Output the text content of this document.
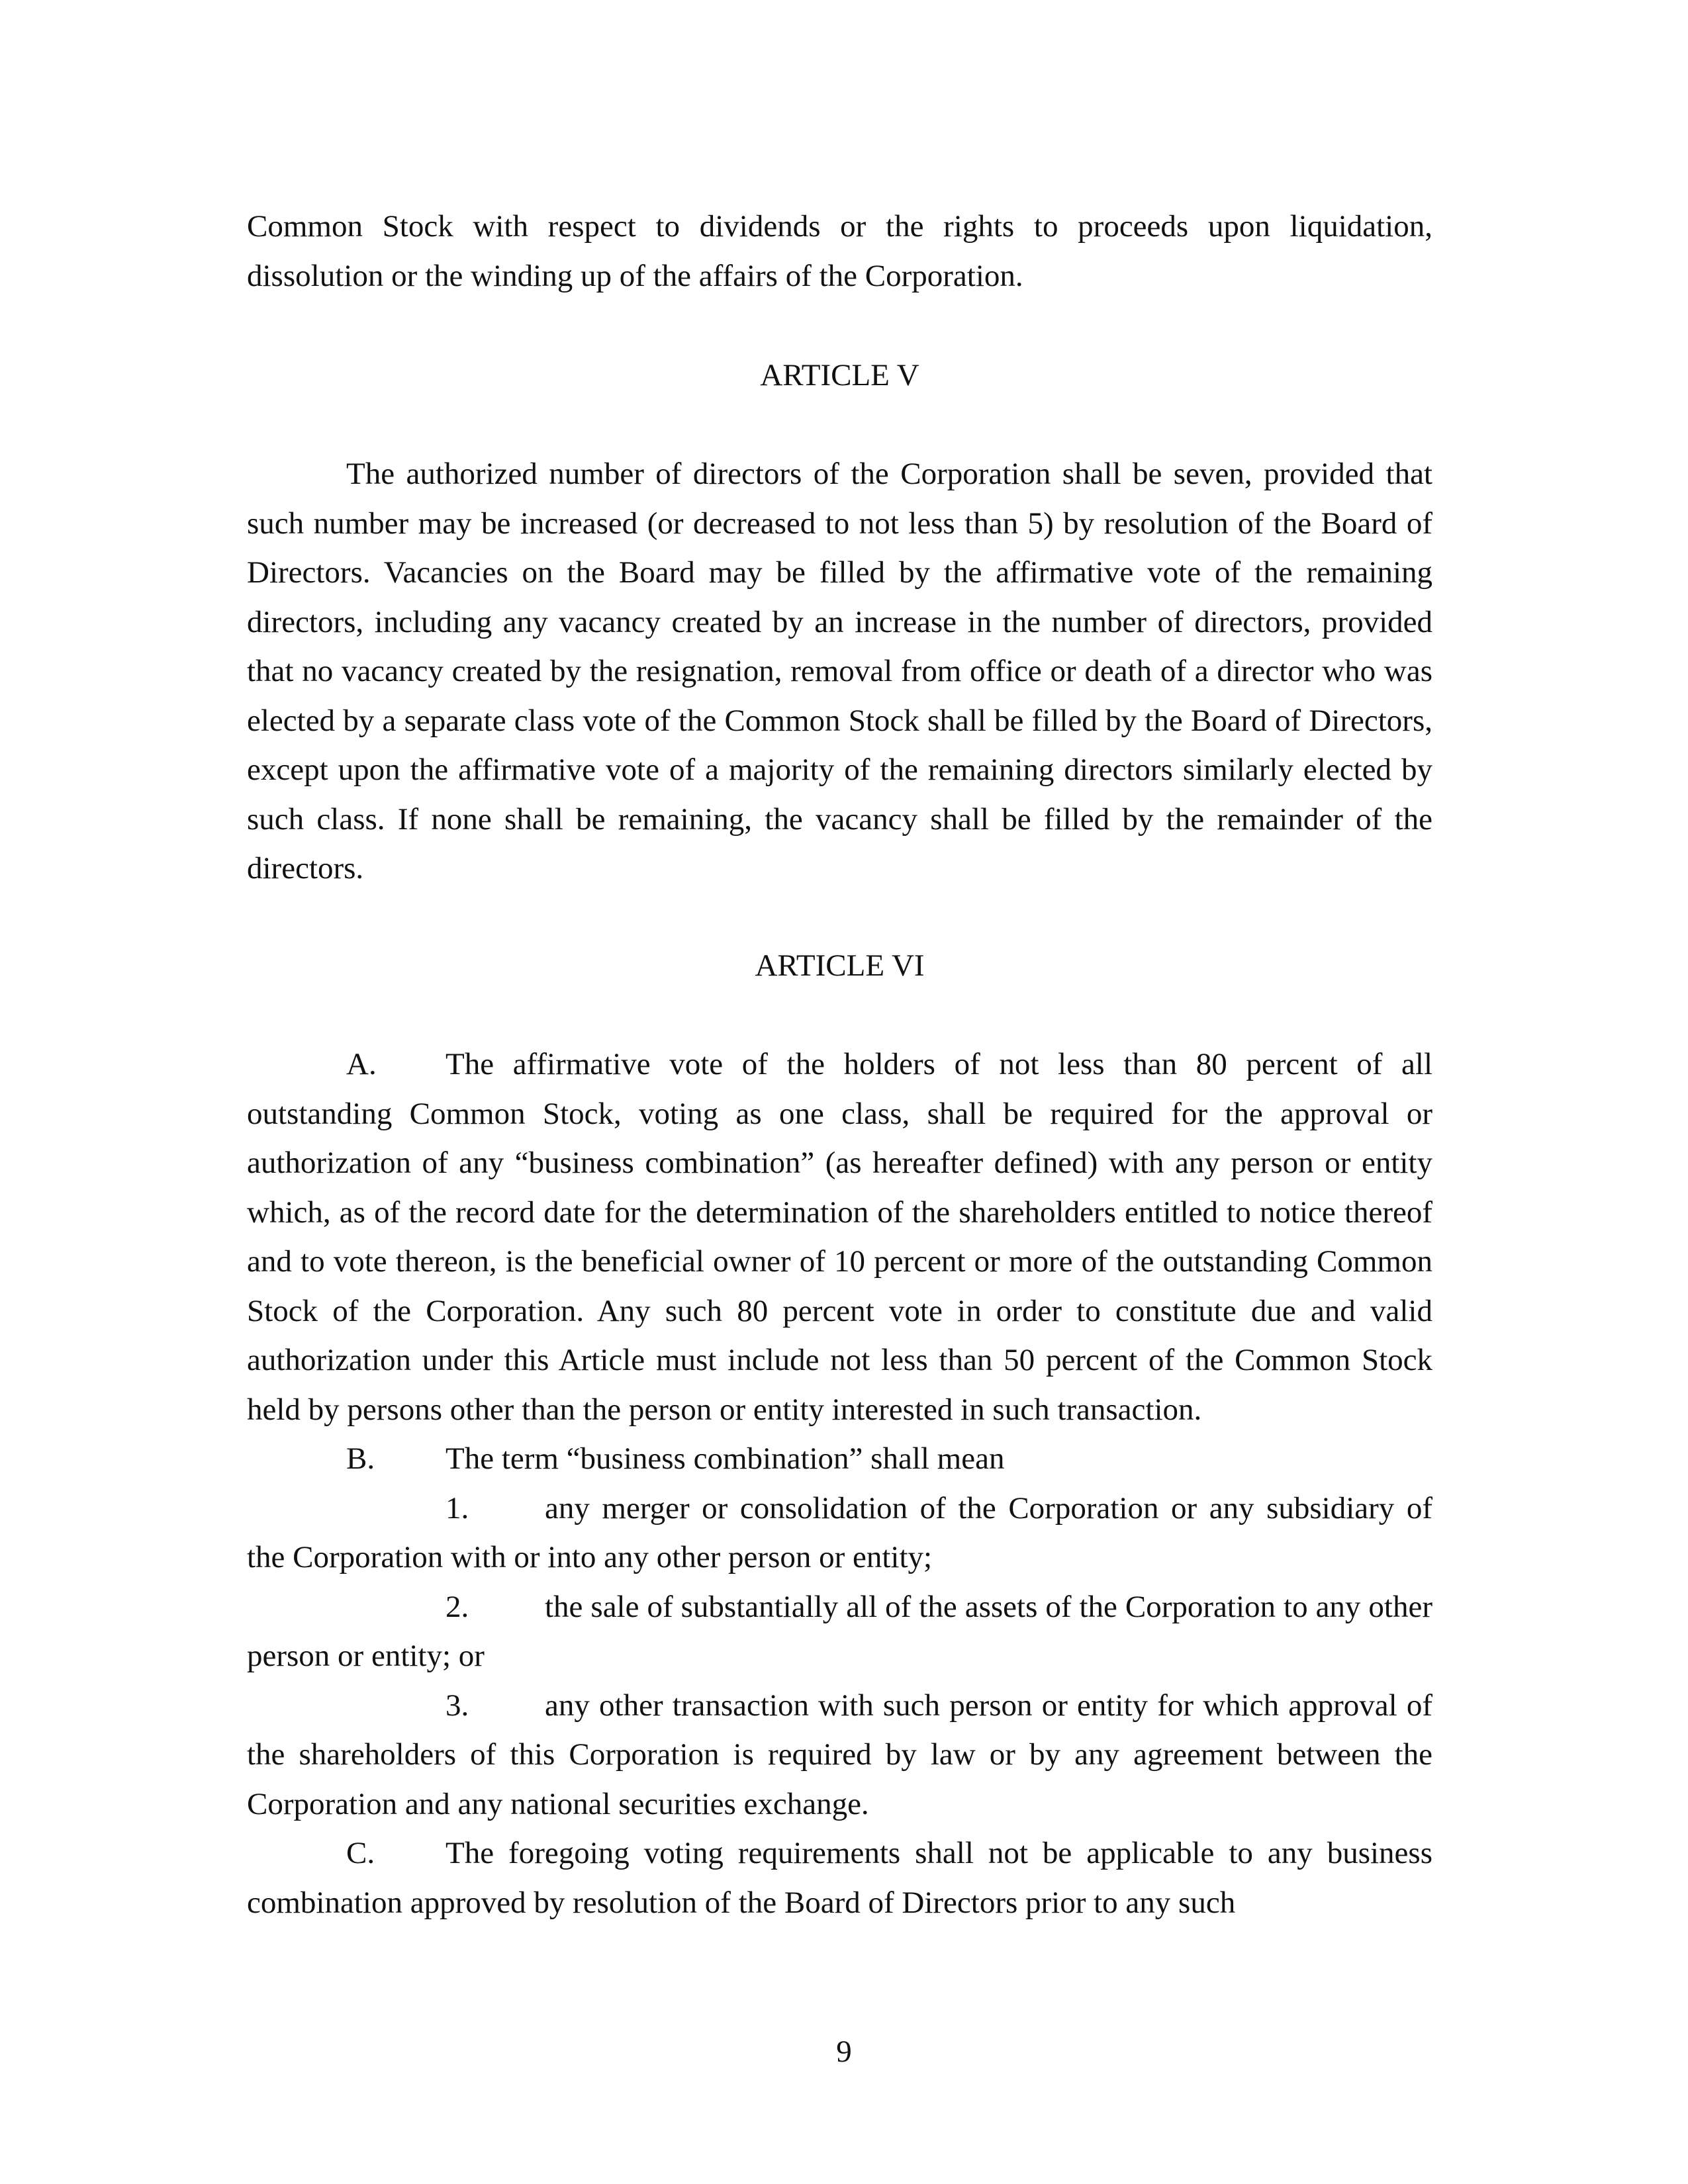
Common Stock with respect to dividends or the rights to proceeds upon liquidation, dissolution or the winding up of the affairs of the Corporation.

ARTICLE V

The authorized number of directors of the Corporation shall be seven, provided that such number may be increased (or decreased to not less than 5) by resolution of the Board of Directors. Vacancies on the Board may be filled by the affirmative vote of the remaining directors, including any vacancy created by an increase in the number of directors, provided that no vacancy created by the resignation, removal from office or death of a director who was elected by a separate class vote of the Common Stock shall be filled by the Board of Directors, except upon the affirmative vote of a majority of the remaining directors similarly elected by such class. If none shall be remaining, the vacancy shall be filled by the remainder of the directors.

ARTICLE VI

A. The affirmative vote of the holders of not less than 80 percent of all outstanding Common Stock, voting as one class, shall be required for the approval or authorization of any “business combination” (as hereafter defined) with any person or entity which, as of the record date for the determination of the shareholders entitled to notice thereof and to vote thereon, is the beneficial owner of 10 percent or more of the outstanding Common Stock of the Corporation. Any such 80 percent vote in order to constitute due and valid authorization under this Article must include not less than 50 percent of the Common Stock held by persons other than the person or entity interested in such transaction.

B. The term “business combination” shall mean

1. any merger or consolidation of the Corporation or any subsidiary of the Corporation with or into any other person or entity;

2. the sale of substantially all of the assets of the Corporation to any other person or entity; or

3. any other transaction with such person or entity for which approval of the shareholders of this Corporation is required by law or by any agreement between the Corporation and any national securities exchange.

C. The foregoing voting requirements shall not be applicable to any business combination approved by resolution of the Board of Directors prior to any such

9
